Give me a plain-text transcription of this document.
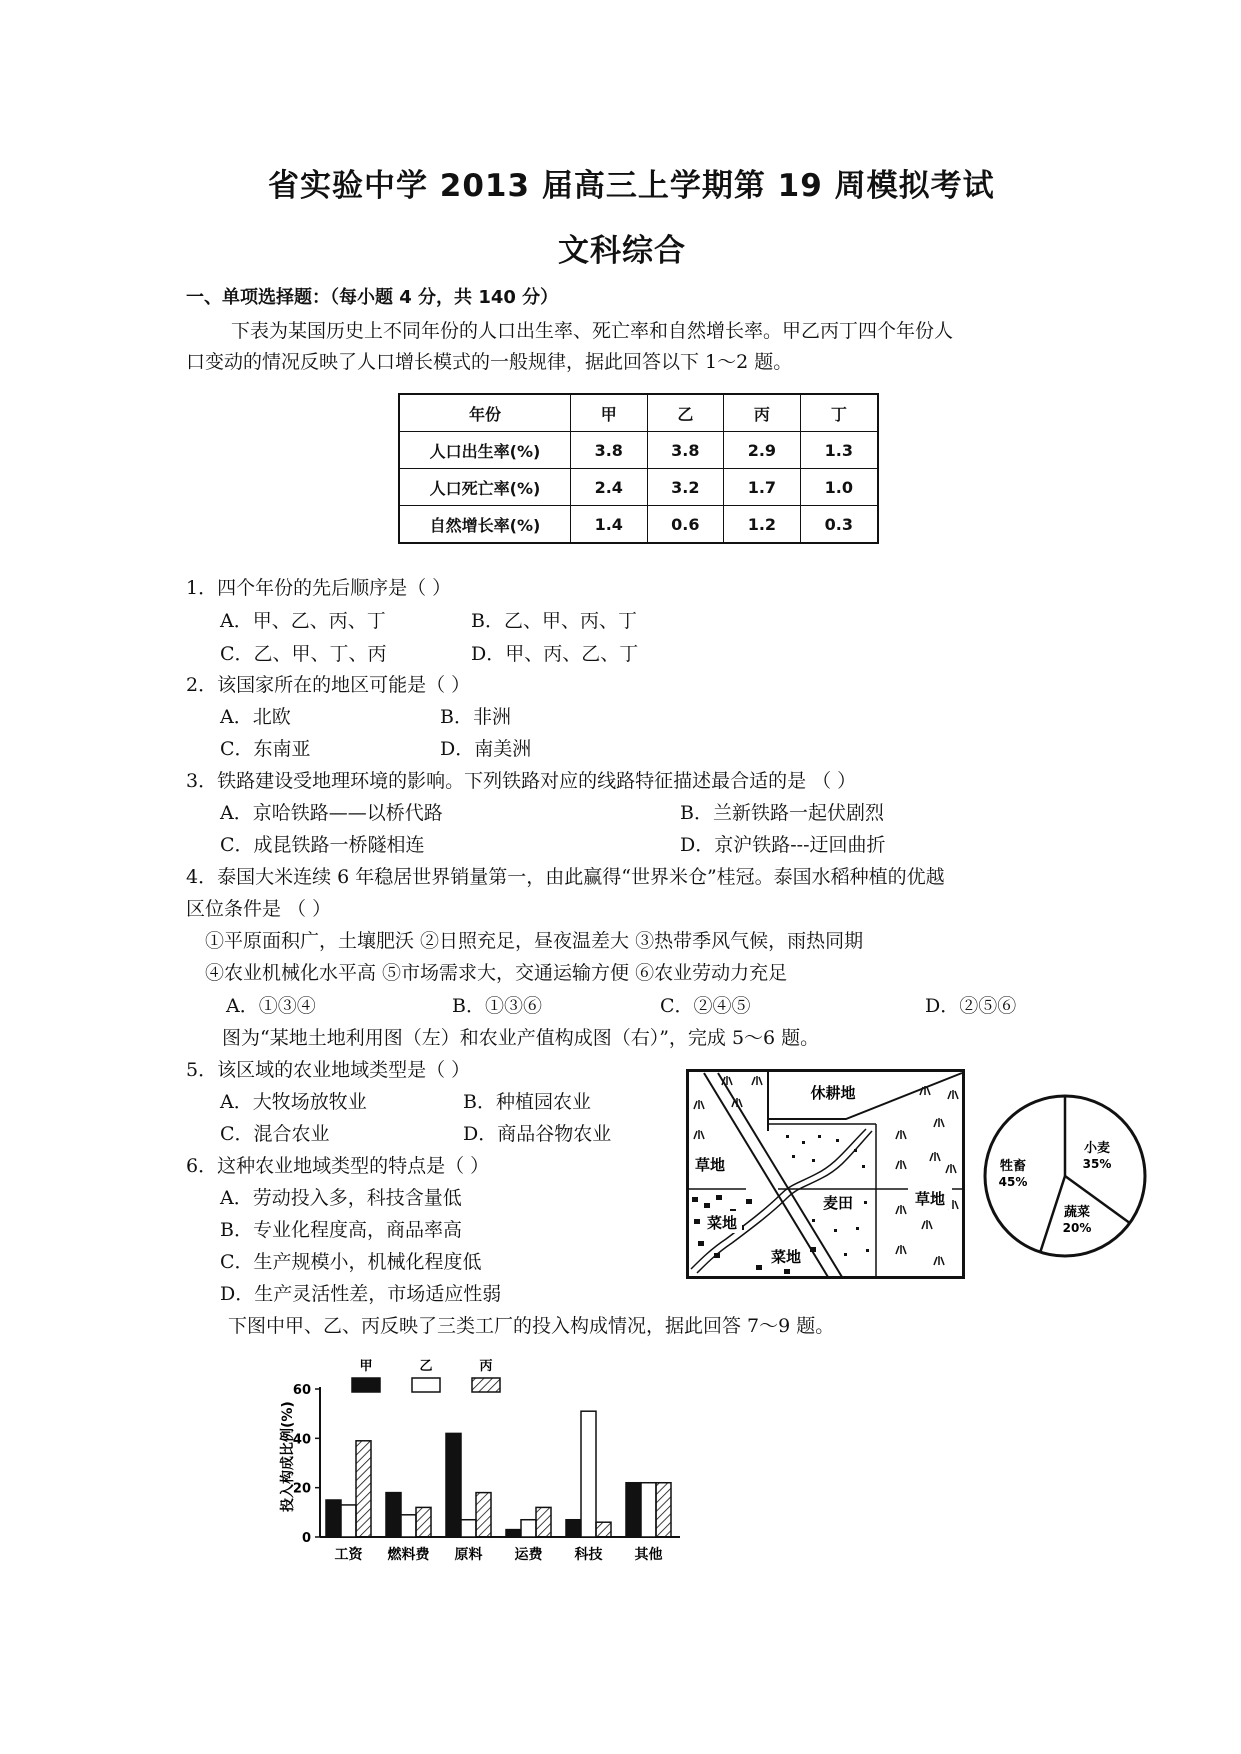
省实验中学 2013 届高三上学期第 19 周模拟考试
文科综合
一、单项选择题：（每小题 4 分，共 140 分）
下表为某国历史上不同年份的人口出生率、死亡率和自然增长率。甲乙丙丁四个年份人
口变动的情况反映了人口增长模式的一般规律，据此回答以下 1～2 题。
年份	甲	乙	丙	丁
人口出生率(%)	3.8	3.8	2.9	1.3
人口死亡率(%)	2.4	3.2	1.7	1.0
自然增长率(%)	1.4	0.6	1.2	0.3
1．四个年份的先后顺序是（ ）
A．甲、乙、丙、丁	B．乙、甲、丙、丁
C．乙、甲、丁、丙	D．甲、丙、乙、丁
2．该国家所在的地区可能是（ ）
A．北欧	B．非洲
C．东南亚	D．南美洲
3．铁路建设受地理环境的影响。下列铁路对应的线路特征描述最合适的是 （ ）
A．京哈铁路——以桥代路	B．兰新铁路一起伏剧烈
C．成昆铁路一桥隧相连	D．京沪铁路---迂回曲折
4．泰国大米连续 6 年稳居世界销量第一，由此赢得“世界米仓”桂冠。泰国水稻种植的优越
区位条件是 （ ）
①平原面积广，土壤肥沃 ②日照充足，昼夜温差大 ③热带季风气候，雨热同期
④农业机械化水平高 ⑤市场需求大，交通运输方便 ⑥农业劳动力充足
A．①③④	B．①③⑥	C．②④⑤	D．②⑤⑥
图为“某地土地利用图（左）和农业产值构成图（右）”，完成 5～6 题。
5．该区域的农业地域类型是（ ）
A．大牧场放牧业	B．种植园农业
C．混合农业	D．商品谷物农业
6．这种农业地域类型的特点是（ ）
A．劳动投入多，科技含量低
B．专业化程度高，商品率高
C．生产规模小，机械化程度低
D．生产灵活性差，市场适应性弱
下图中甲、乙、丙反映了三类工厂的投入构成情况，据此回答 7～9 题。
休耕地
草地
菜地
麦田	草地
菜地
小麦
35%
蔬菜
20%
牲畜
45%
投入构成比例(%)
0
20
40
60
甲	乙	丙
工资 燃料费 原料 运费 科技 其他
